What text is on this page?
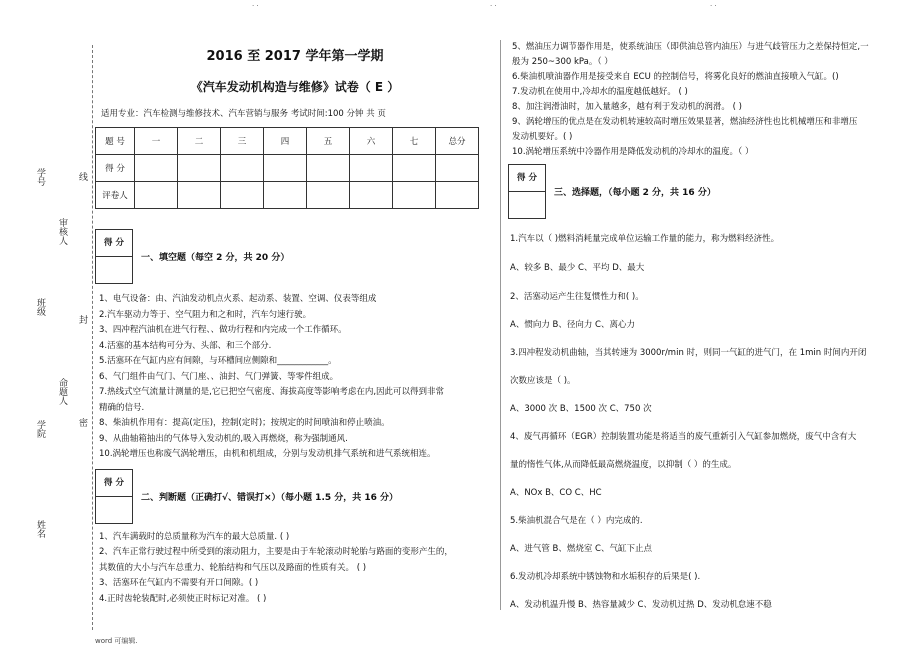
· ·	· ·	· ·
学号	线
审核人
班级
封
命题人
学院	密
姓名
2016 至 2017 学年第一学期
《汽车发动机构造与维修》试卷（ E ）
适用专业：汽车检测与维修技术、汽车营销与服务 考试时间:100 分钟 共 页
题 号	一	二	三	四	五	六	七	总分
得 分								
评卷人								
得 分
一、填空题（每空 2 分，共 20 分）
1、电气设备：由、汽油发动机点火系、起动系、装置、空调、仪表等组成
2.汽车驱动力等于、空气阻力和之和时，汽车匀速行驶。
3、四冲程汽油机在进气行程、、做功行程和内完成一个工作循环。
4.活塞的基本结构可分为、头部、和三个部分.
5.活塞环在气缸内应有间隙，与环槽间应侧隙和____________。
6、气门组件由气门、气门座、、油封、气门弹簧、等零件组成。
7.热线式空气流量计测量的是,它已把空气密度、海拔高度等影响考虑在内,因此可以得到非常
精确的信号.
8、柴油机作用有：提高(定压)，控制(定时)；按规定的时间喷油和停止喷油。
9、从曲轴箱抽出的气体导入发动机的,吸入再燃烧，称为强制通风.
10.涡轮增压也称废气涡轮增压，由机和机组成，分别与发动机排气系统和进气系统相连。
得 分
二、判断题（正确打√、错误打×）（每小题 1.5 分，共 16 分）
1、汽车满载时的总质量称为汽车的最大总质量. ( )
2、汽车正常行驶过程中所受到的滚动阻力，主要是由于车轮滚动时轮胎与路面的变形产生的，
其数值的大小与汽车总重力、轮胎结构和气压以及路面的性质有关。 ( )
3、活塞环在气缸内不需要有开口间隙。( )
4.正时齿轮装配时,必须使正时标记对准。 ( )
5、燃油压力调节器作用是，使系统油压（即供油总管内油压）与进气歧管压力之差保持恒定,一
般为 250~300 kPa。（ ）
6.柴油机喷油器作用是接受来自 ECU 的控制信号，将雾化良好的燃油直接喷入气缸。()
7.发动机在使用中,冷却水的温度越低越好。 ( )
8、加注润滑油时，加入量越多，越有利于发动机的润滑。 ( )
9、涡轮增压的优点是在发动机转速较高时增压效果显著，燃油经济性也比机械增压和非增压
发动机要好。( )
10.涡轮增压系统中冷器作用是降低发动机的冷却水的温度。（ ）
得 分
三、选择题，（每小题 2 分，共 16 分）
1.汽车以（ )燃料消耗量完成单位运输工作量的能力，称为燃料经济性。
A、较多 B、最少 C、平均 D、最大
2、活塞动运产生往复惯性力和( )。
A、惯向力 B、径向力 C、离心力
3.四冲程发动机曲轴，当其转速为 3000r/min 时，则同一气缸的进气门，在 1min 时间内开闭
次数应该是（ )。
A、3000 次 B、1500 次 C、750 次
4、废气再循环（EGR）控制装置功能是将适当的废气重新引入气缸参加燃烧，废气中含有大
量的惰性气体,从而降低最高燃烧温度，以抑制（ ）的生成。
A、NOx B、CO C、HC
5.柴油机混合气是在（ ）内完成的.
A、进气管 B、燃烧室 C、气缸下止点
6.发动机冷却系统中锈蚀物和水垢积存的后果是( ).
A、发动机温升慢 B、热容量减少 C、发动机过热 D、发动机怠速不稳
word 可编辑.
